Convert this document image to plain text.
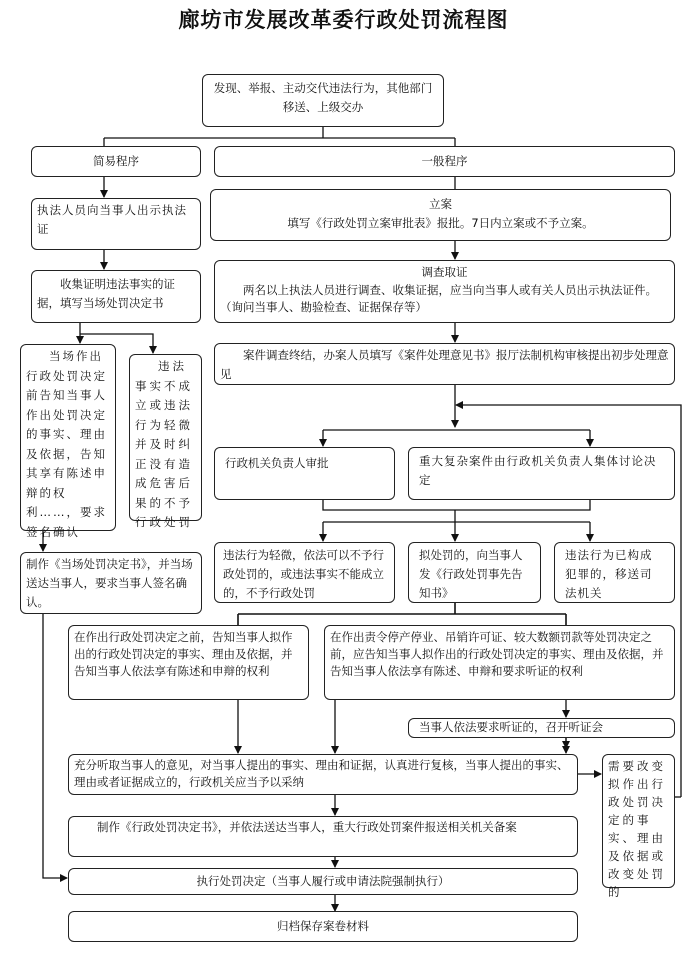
廊坊市发展改革委行政处罚流程图
发现、举报、主动交代违法行为，其他部门移送、上级交办
简易程序	一般程序
执法人员向当事人出示执法证
立案
填写《行政处罚立案审批表》报批。7日内立案或不予立案。
收集证明违法事实的证据，填写当场处罚决定书
调查取证
两名以上执法人员进行调查、收集证据，应当向当事人或有关人员出示执法证件。（询问当事人、勘验检查、证据保存等）
当场作出行政处罚决定前告知当事人作出处罚决定的事实、理由及依据，告知其享有陈述申辩的权利……，要求签名确认
违法事实不成立或违法行为轻微并及时纠正没有造成危害后果的不予行政处罚
案件调查终结，办案人员填写《案件处理意见书》报厅法制机构审核提出初步处理意见
行政机关负责人审批	重大复杂案件由行政机关负责人集体讨论决定
制作《当场处罚决定书》，并当场送达当事人，要求当事人签名确认。
违法行为轻微，依法可以不予行政处罚的，或违法事实不能成立的，不予行政处罚
拟处罚的，向当事人发《行政处罚事先告知书》
违法行为已构成犯罪的，移送司法机关
在作出行政处罚决定之前，告知当事人拟作出的行政处罚决定的事实、理由及依据，并告知当事人依法享有陈述和申辩的权利
在作出责令停产停业、吊销许可证、较大数额罚款等处罚决定之前，应告知当事人拟作出的行政处罚决定的事实、理由及依据，并告知当事人依法享有陈述、申辩和要求听证的权利
当事人依法要求听证的，召开听证会
充分听取当事人的意见，对当事人提出的事实、理由和证据，认真进行复核，当事人提出的事实、理由或者证据成立的，行政机关应当予以采纳
需要改变拟作出行政处罚决定的事实、理由及依据或改变处罚的
制作《行政处罚决定书》，并依法送达当事人，重大行政处罚案件报送相关机关备案
执行处罚决定（当事人履行或申请法院强制执行）
归档保存案卷材料
